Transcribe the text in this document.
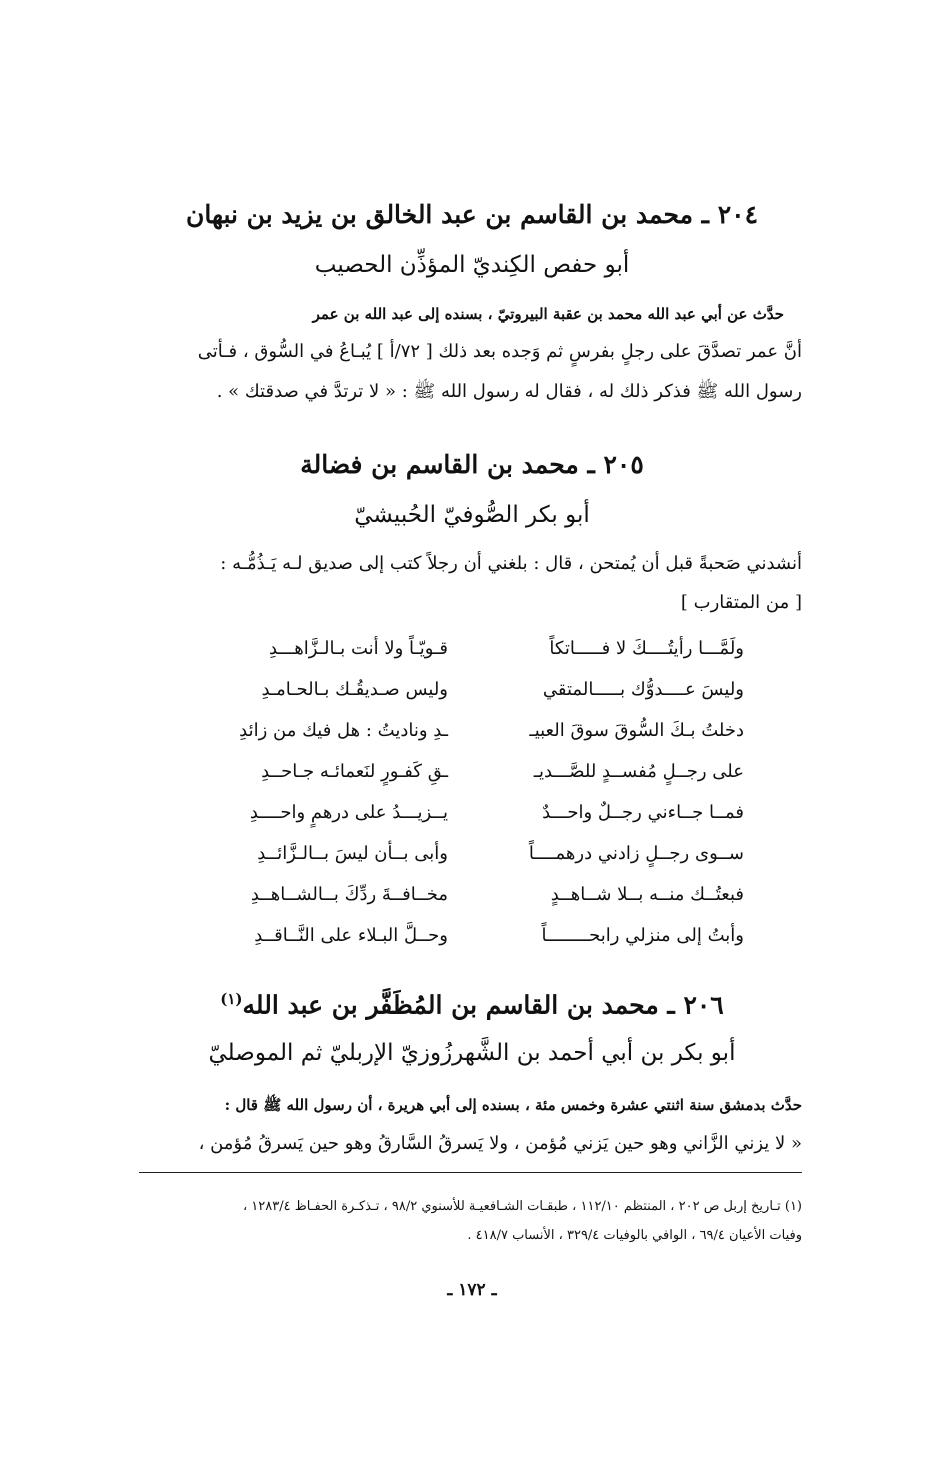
٢٠٤ ـ محمد بن القاسم بن عبد الخالق بن يزيد بن نبهان
أبو حفص الكِنديّ المؤذِّن الحصيب
حدَّث عن أبي عبد الله محمد بن عقبة البيروتيّ ، بسنده إلى عبد الله بن عمر
أنَّ عمر تصدَّقَ على رجلٍ بفرسٍ ثم وَجده بعد ذلك [ ٧٢/أ ] يُبـاعُ في السُّوق ، فـأتى
رسول الله ﷺ فذكر ذلك له ، فقال له رسول الله ﷺ : « لا ترتدَّ في صدقتك » .
٢٠٥ ـ محمد بن القاسم بن فضالة
أبو بكر الصُّوفيّ الحُبيشيّ
أنشدني صَحبةً قبل أن يُمتحن ، قال : بلغني أن رجلاً كتب إلى صديق لـه يَـذُمُّـه :
[ من المتقارب ]
ولَمَّـــا رأيتُــــكَ لا فـــــاتكاً
قـويّـاً ولا أنت بـالـزَّاهـــدِ
وليسَ عــــدوُّك بـــــالمتقي
وليس صـديقُـك بـالحـامـدِ
دخلتُ بـكَ السُّوقَ سوقَ العبيـ
ـدِ وناديتُ : هل فيك من زائدِ
على رجــلٍ مُفســدٍ للصَّـــديـ
ـقِ كَفـورٍ لنَعمائـه جـاحــدِ
فمــا جــاءني رجــلٌ واحـــدٌ
يــزيـــدُ على درهمٍ واحــــدِ
ســوى رجــلٍ زادني درهمــــاً
وأبى بــأن ليسَ بــالـزَّائــدِ
فبعتُــك منــه بــلا شــاهــدٍ
مخــافــةَ ردِّكَ بــالشــاهــدِ
وأبتُ إلى منزلي رابحــــــــاً
وحــلَّ البـلاء على النَّــاقــدِ
٢٠٦ ـ محمد بن القاسم بن المُظَفَّر بن عبد الله$^{(١)}$
أبو بكر بن أبي أحمد بن الشَّهرزُوزيّ الإربليّ ثم الموصليّ
حدَّث بدمشق سنة اثنتي عشرة وخمس مئة ، بسنده إلى أبي هريرة ، أن رسول الله ﷺ قال :
« لا يزني الزَّاني وهو حين يَزني مُؤمن ، ولا يَسرقُ السَّارقُ وهو حين يَسرقُ مُؤمن ،
(١) تـاريخ إربل ص ٢٠٢ ، المنتظم ١١٢/١٠ ، طبقـات الشـافعيـة للأسنوي ٩٨/٢ ، تـذكـرة الحفـاظ ١٢٨٣/٤ ،
وفيات الأعيان ٦٩/٤ ، الوافي بالوفيات ٣٢٩/٤ ، الأنساب ٤١٨/٧ .
ـ ١٧٢ ـ
